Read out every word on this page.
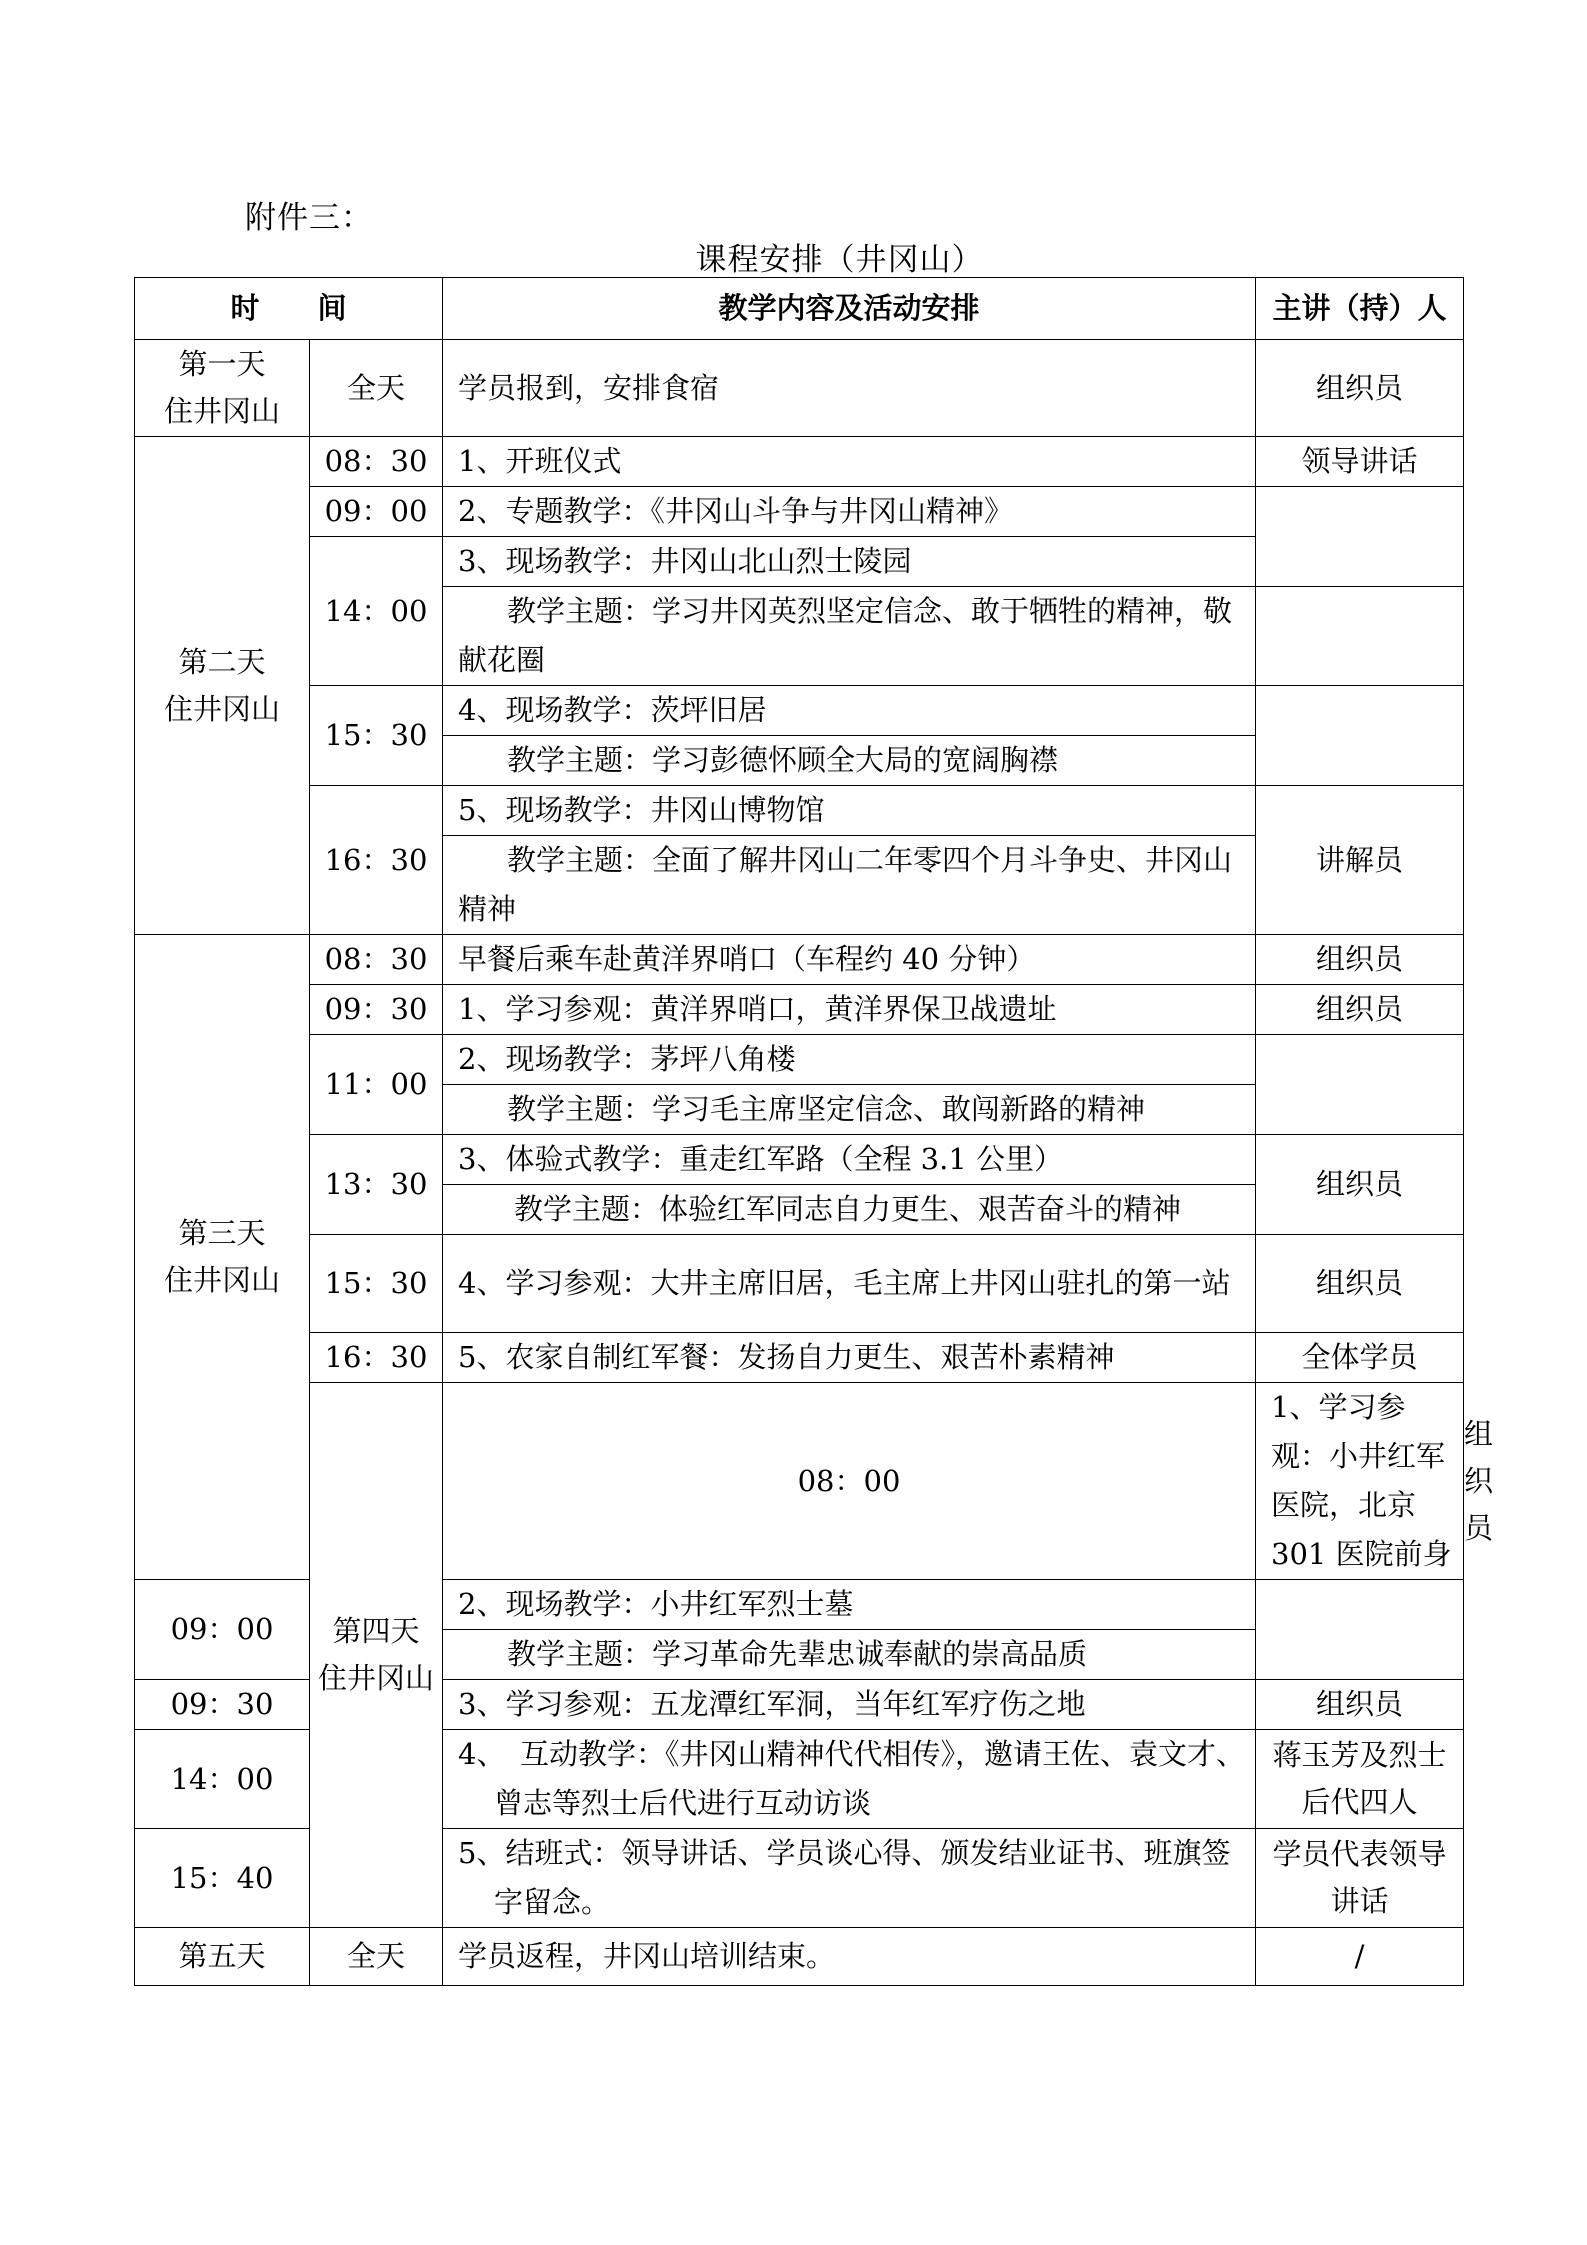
附件三：
课程安排（井冈山）
时　　间		教学内容及活动安排	主讲（持）人	

第一天
住井冈山	全天	学员报到，安排食宿	组织员	

第二天
住井冈山	08：30	1、开班仪式	领导讲话	
	09：00	2、专题教学：《井冈山斗争与井冈山精神》		
	14：00	3、现场教学：井冈山北山烈士陵园		

		教学主题：学习井冈英烈坚定信念、敢于牺牲的精神，敬献花圈		

	15：30	4、现场教学：茨坪旧居		
		教学主题：学习彭德怀顾全大局的宽阔胸襟		
	16：30	5、现场教学：井冈山博物馆	讲解员	

		教学主题：全面了解井冈山二年零四个月斗争史、井冈山精神		

第三天
住井冈山	08：30	早餐后乘车赴黄洋界哨口（车程约 40 分钟）	组织员	
	09：30	1、学习参观：黄洋界哨口，黄洋界保卫战遗址	组织员	
	11：00	2、现场教学：茅坪八角楼		
		教学主题：学习毛主席坚定信念、敢闯新路的精神		
	13：30	3、体验式教学：重走红军路（全程 3.1 公里）	组织员	
		教学主题：体验红军同志自力更生、艰苦奋斗的精神		
	15：30	4、学习参观：大井主席旧居，毛主席上井冈山驻扎的第一站	组织员	
	16：30	5、农家自制红军餐：发扬自力更生、艰苦朴素精神	全体学员	

	第四天
住井冈山	08：00	1、学习参观：小井红军医院，北京 301 医院前身	组织员
09：00		2、现场教学：小井红军烈士墓		
		教学主题：学习革命先辈忠诚奉献的崇高品质		
09：30		3、学习参观：五龙潭红军洞，当年红军疗伤之地	组织员	
14：00		4、　互动教学：《井冈山精神代代相传》，邀请王佐、袁文才、曾志等烈士后代进行互动访谈	蒋玉芳及烈士后代四人	
15：40		5、结班式：领导讲话、学员谈心得、颁发结业证书、班旗签字留念。	学员代表领导讲话	
第五天	全天	学员返程，井冈山培训结束。	/	
